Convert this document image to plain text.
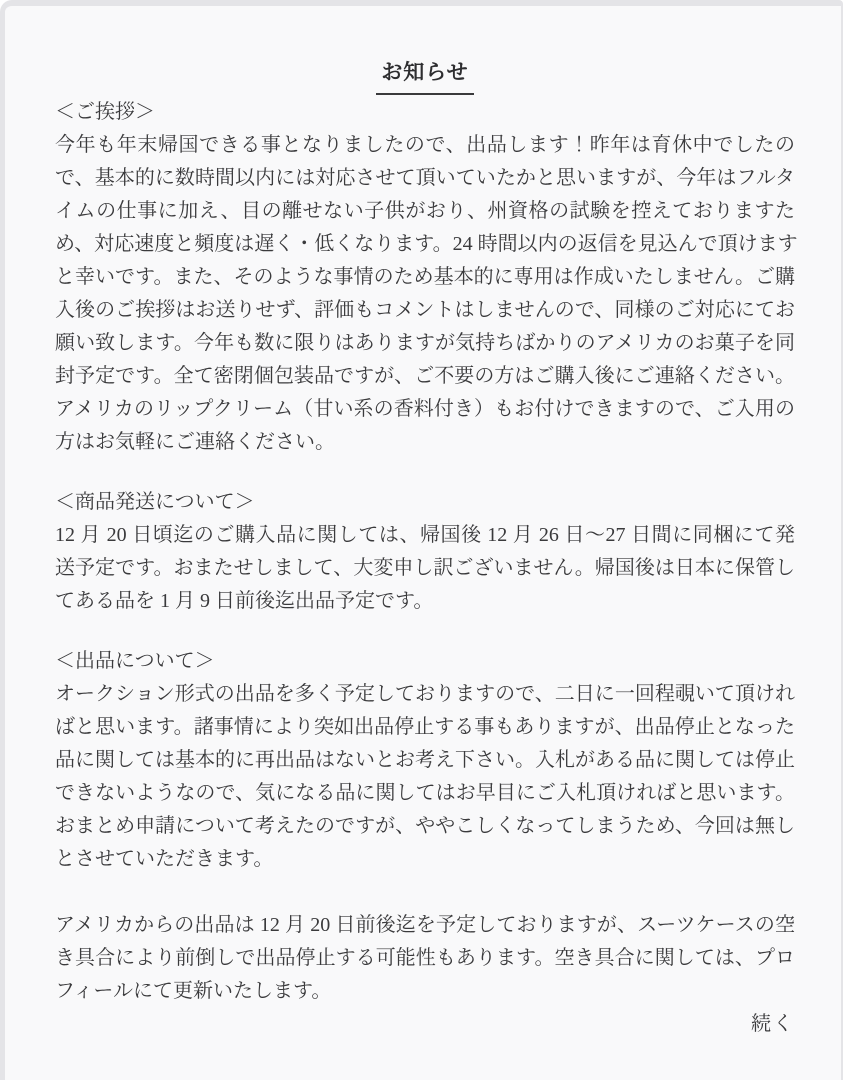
お知らせ
＜ご挨拶＞
今年も年末帰国できる事となりましたので、出品します！昨年は育休中でしたの
で、基本的に数時間以内には対応させて頂いていたかと思いますが、今年はフルタ
イムの仕事に加え、目の離せない子供がおり、州資格の試験を控えておりますた
め、対応速度と頻度は遅く・低くなります。24 時間以内の返信を見込んで頂けます
と幸いです。また、そのような事情のため基本的に専用は作成いたしません。ご購
入後のご挨拶はお送りせず、評価もコメントはしませんので、同様のご対応にてお
願い致します。今年も数に限りはありますが気持ちばかりのアメリカのお菓子を同
封予定です。全て密閉個包装品ですが、ご不要の方はご購入後にご連絡ください。
アメリカのリップクリーム（甘い系の香料付き）もお付けできますので、ご入用の
方はお気軽にご連絡ください。
＜商品発送について＞
12 月 20 日頃迄のご購入品に関しては、帰国後 12 月 26 日〜27 日間に同梱にて発
送予定です。おまたせしまして、大変申し訳ございません。帰国後は日本に保管し
てある品を 1 月 9 日前後迄出品予定です。
＜出品について＞
オークション形式の出品を多く予定しておりますので、二日に一回程覗いて頂けれ
ばと思います。諸事情により突如出品停止する事もありますが、出品停止となった
品に関しては基本的に再出品はないとお考え下さい。入札がある品に関しては停止
できないようなので、気になる品に関してはお早目にご入札頂ければと思います。
おまとめ申請について考えたのですが、ややこしくなってしまうため、今回は無し
とさせていただきます。
アメリカからの出品は 12 月 20 日前後迄を予定しておりますが、スーツケースの空
き具合により前倒しで出品停止する可能性もあります。空き具合に関しては、プロ
フィールにて更新いたします。
続く
